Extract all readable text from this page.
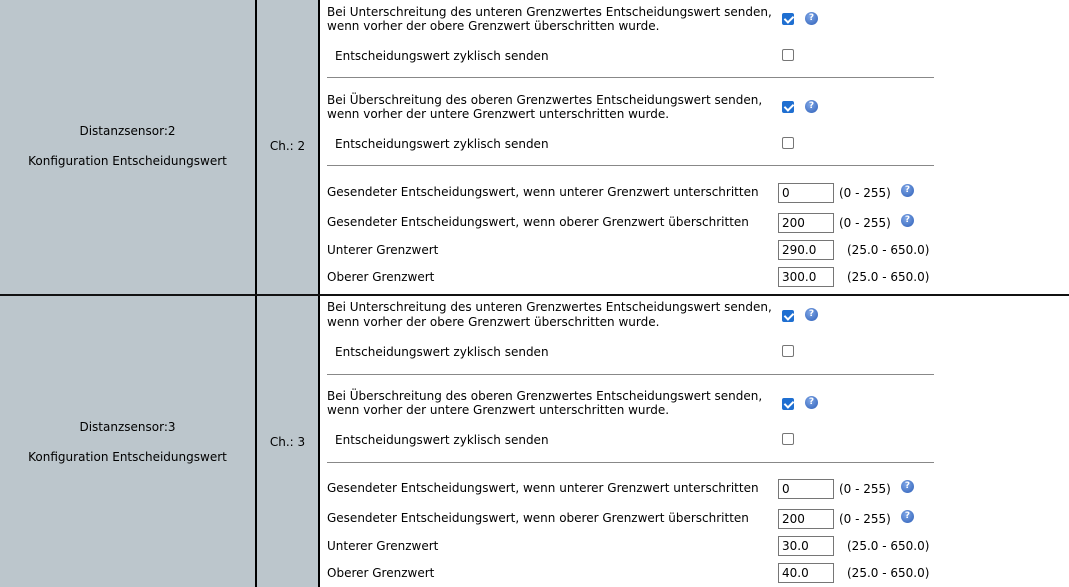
Distanzsensor:2
Konfiguration Entscheidungswert
Ch.: 2
Bei Unterschreitung des unteren Grenzwertes Entscheidungswert senden,
wenn vorher der obere Grenzwert überschritten wurde.
?
Entscheidungswert zyklisch senden
Bei Überschreitung des oberen Grenzwertes Entscheidungswert senden,
wenn vorher der untere Grenzwert unterschritten wurde.
?
Entscheidungswert zyklisch senden
Gesendeter Entscheidungswert, wenn unterer Grenzwert unterschritten	0	(0 - 255)	?
Gesendeter Entscheidungswert, wenn oberer Grenzwert überschritten	200	(0 - 255)	?
Unterer Grenzwert	290.0	(25.0 - 650.0)
Oberer Grenzwert	300.0	(25.0 - 650.0)
Distanzsensor:3
Konfiguration Entscheidungswert
Ch.: 3
Bei Unterschreitung des unteren Grenzwertes Entscheidungswert senden,
wenn vorher der obere Grenzwert überschritten wurde.
?
Entscheidungswert zyklisch senden
Bei Überschreitung des oberen Grenzwertes Entscheidungswert senden,
wenn vorher der untere Grenzwert unterschritten wurde.
?
Entscheidungswert zyklisch senden
Gesendeter Entscheidungswert, wenn unterer Grenzwert unterschritten	0	(0 - 255)	?
Gesendeter Entscheidungswert, wenn oberer Grenzwert überschritten	200	(0 - 255)	?
Unterer Grenzwert	30.0	(25.0 - 650.0)
Oberer Grenzwert	40.0	(25.0 - 650.0)
